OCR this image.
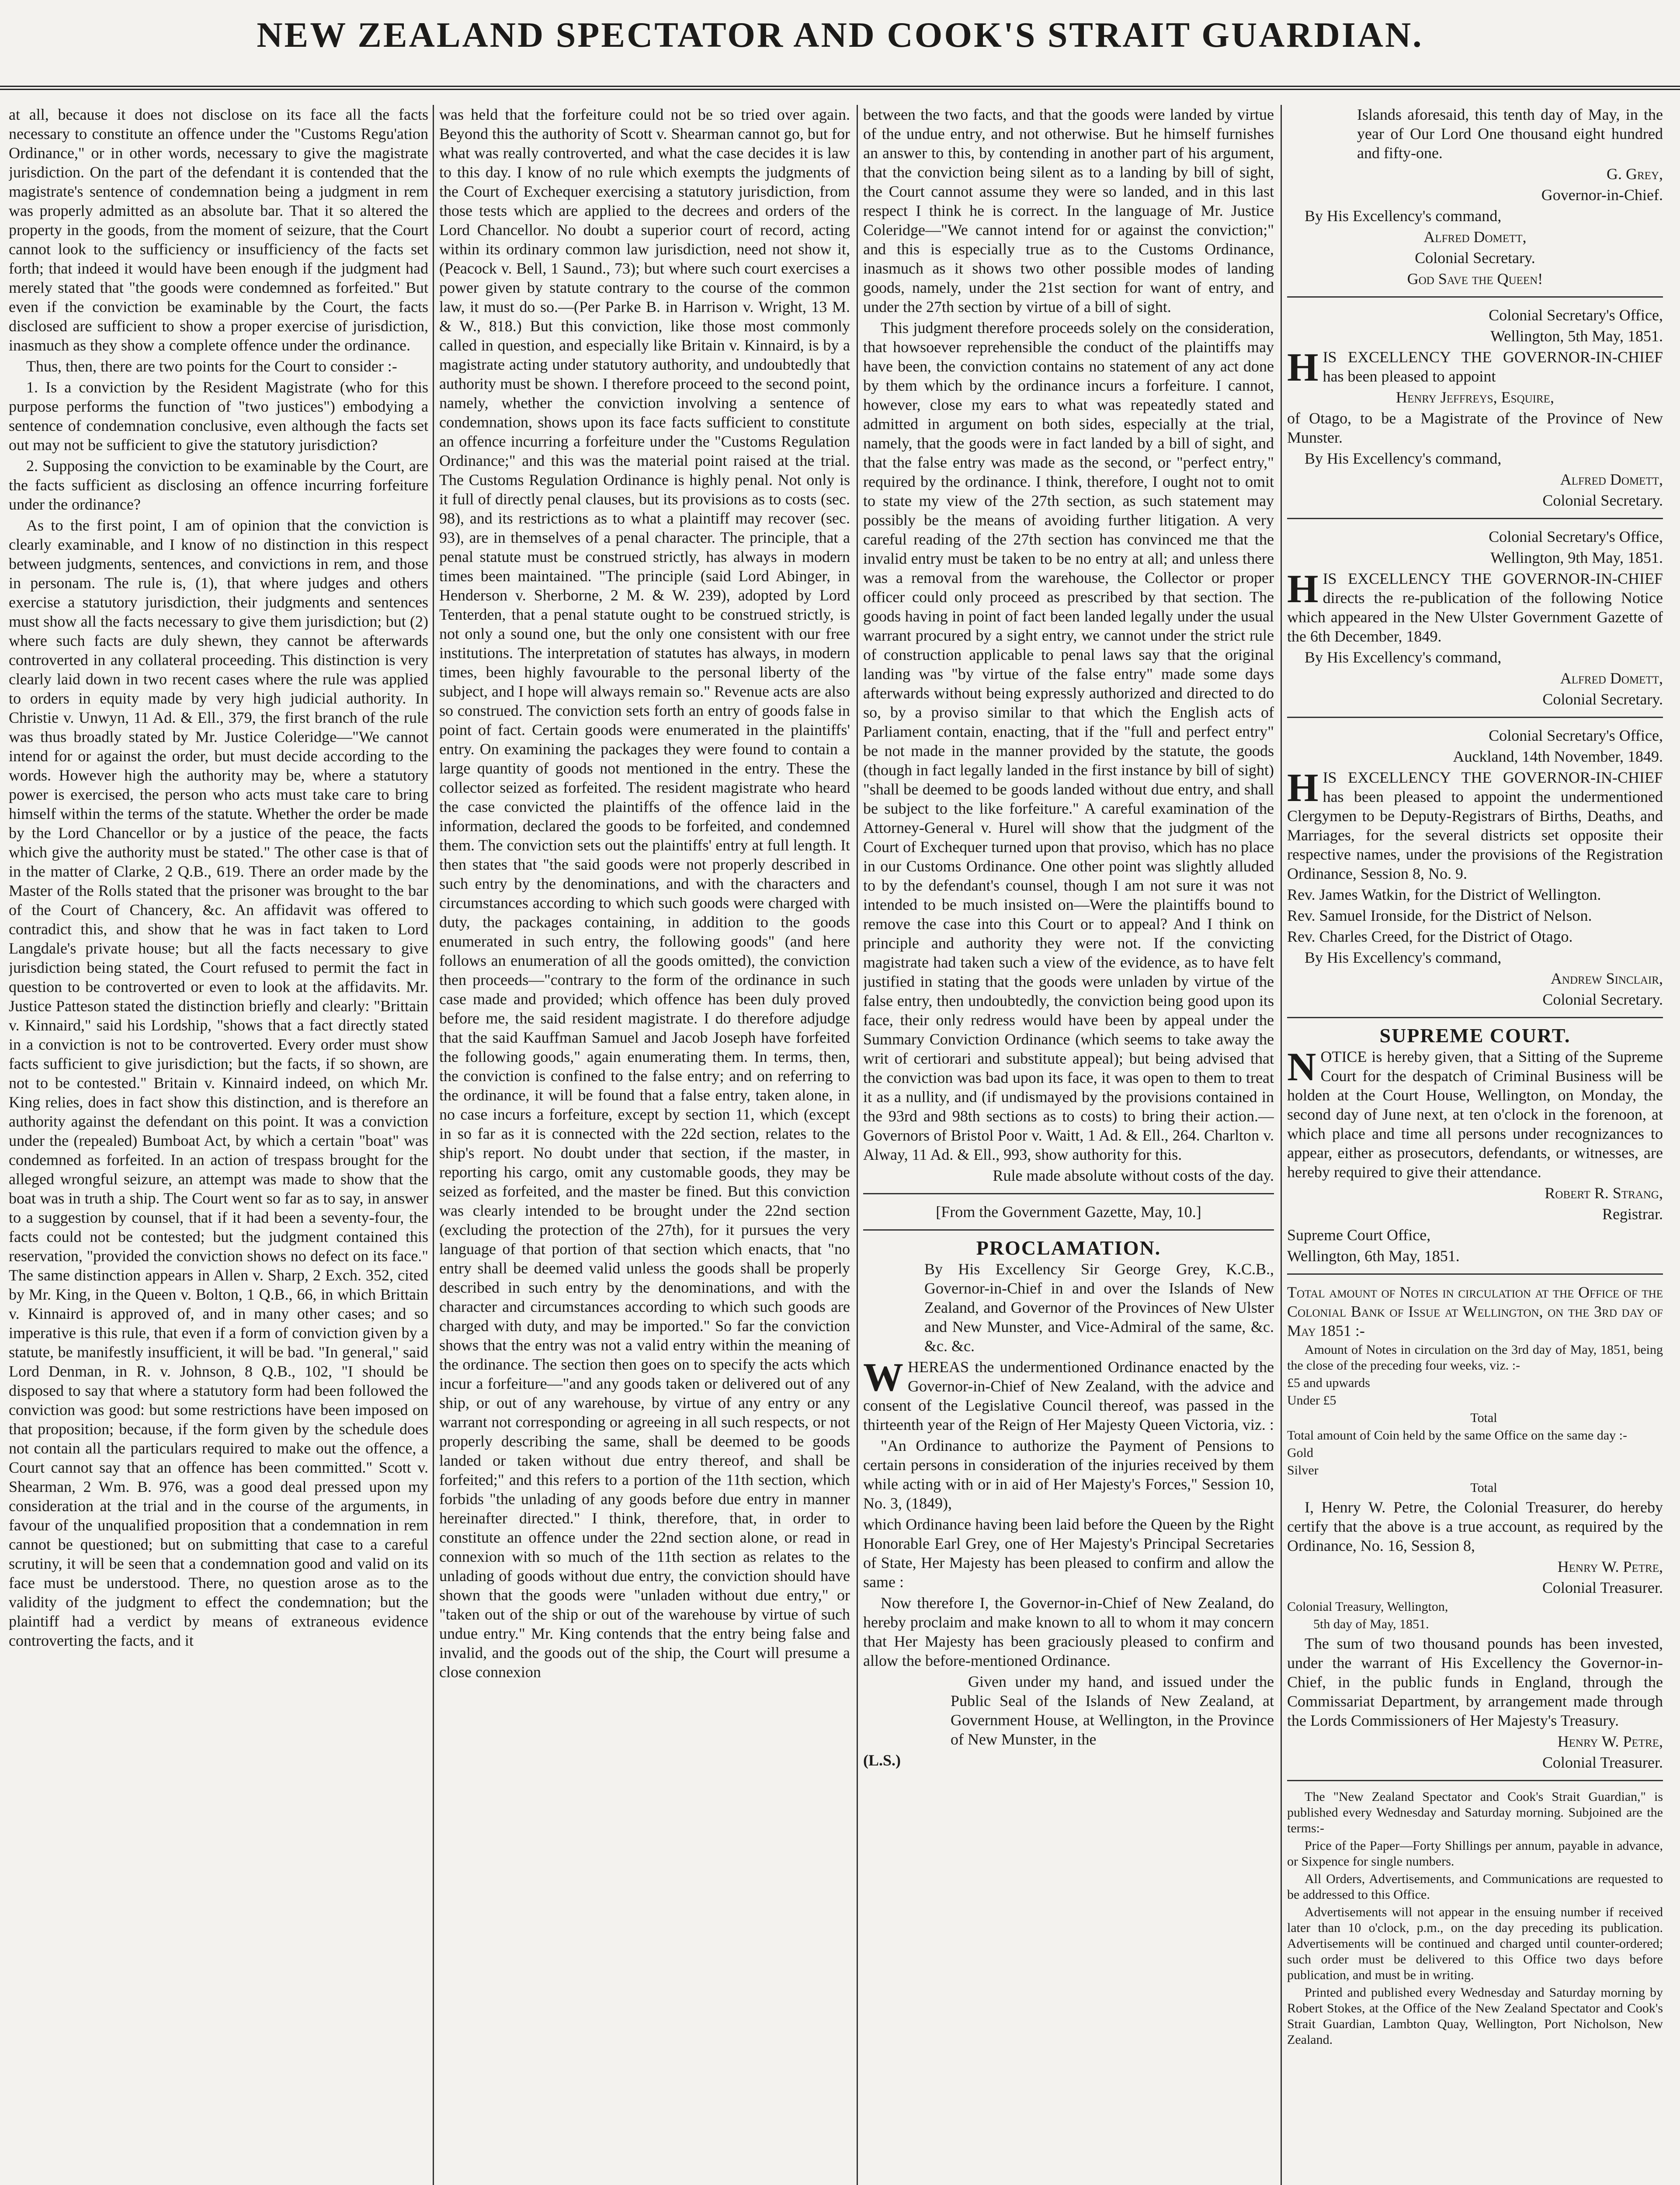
NEW ZEALAND SPECTATOR AND COOK'S STRAIT GUARDIAN.

at all, because it does not disclose on its face all the facts necessary to constitute an offence under the "Customs Regu'ation Ordinance," or in other words, necessary to give the magistrate jurisdiction. On the part of the defendant it is contended that the magistrate's sentence of condemnation being a judgment in rem was properly admitted as an absolute bar. That it so altered the property in the goods, from the moment of seizure, that the Court cannot look to the sufficiency or insufficiency of the facts set forth; that indeed it would have been enough if the judgment had merely stated that "the goods were condemned as forfeited." But even if the conviction be examinable by the Court, the facts disclosed are sufficient to show a proper exercise of jurisdiction, inasmuch as they show a complete offence under the ordinance.

Thus, then, there are two points for the Court to consider :-

1. Is a conviction by the Resident Magistrate (who for this purpose performs the function of "two justices") embodying a sentence of condemnation conclusive, even although the facts set out may not be sufficient to give the statutory jurisdiction?

2. Supposing the conviction to be examinable by the Court, are the facts sufficient as disclosing an offence incurring forfeiture under the ordinance?

As to the first point, I am of opinion that the conviction is clearly examinable, and I know of no distinction in this respect between judgments, sentences, and convictions in rem, and those in personam. The rule is, (1), that where judges and others exercise a statutory jurisdiction, their judgments and sentences must show all the facts necessary to give them jurisdiction; but (2) where such facts are duly shewn, they cannot be afterwards controverted in any collateral proceeding. This distinction is very clearly laid down in two recent cases where the rule was applied to orders in equity made by very high judicial authority. In Christie v. Unwyn, 11 Ad. & Ell., 379, the first branch of the rule was thus broadly stated by Mr. Justice Coleridge—"We cannot intend for or against the order, but must decide according to the words. However high the authority may be, where a statutory power is exercised, the person who acts must take care to bring himself within the terms of the statute. Whether the order be made by the Lord Chancellor or by a justice of the peace, the facts which give the authority must be stated." The other case is that of in the matter of Clarke, 2 Q.B., 619. There an order made by the Master of the Rolls stated that the prisoner was brought to the bar of the Court of Chancery, &c. An affidavit was offered to contradict this, and show that he was in fact taken to Lord Langdale's private house; but all the facts necessary to give jurisdiction being stated, the Court refused to permit the fact in question to be controverted or even to look at the affidavits. Mr. Justice Patteson stated the distinction briefly and clearly: "Brittain v. Kinnaird," said his Lordship, "shows that a fact directly stated in a conviction is not to be controverted. Every order must show facts sufficient to give jurisdiction; but the facts, if so shown, are not to be contested." Britain v. Kinnaird indeed, on which Mr. King relies, does in fact show this distinction, and is therefore an authority against the defendant on this point. It was a conviction under the (repealed) Bumboat Act, by which a certain "boat" was condemned as forfeited. In an action of trespass brought for the alleged wrongful seizure, an attempt was made to show that the boat was in truth a ship. The Court went so far as to say, in answer to a suggestion by counsel, that if it had been a seventy-four, the facts could not be contested; but the judgment contained this reservation, "provided the conviction shows no defect on its face." The same distinction appears in Allen v. Sharp, 2 Exch. 352, cited by Mr. King, in the Queen v. Bolton, 1 Q.B., 66, in which Brittain v. Kinnaird is approved of, and in many other cases; and so imperative is this rule, that even if a form of conviction given by a statute, be manifestly insufficient, it will be bad. "In general," said Lord Denman, in R. v. Johnson, 8 Q.B., 102, "I should be disposed to say that where a statutory form had been followed the conviction was good: but some restrictions have been imposed on that proposition; because, if the form given by the schedule does not contain all the particulars required to make out the offence, a Court cannot say that an offence has been committed." Scott v. Shearman, 2 Wm. B. 976, was a good deal pressed upon my consideration at the trial and in the course of the arguments, in favour of the unqualified proposition that a condemnation in rem cannot be questioned; but on submitting that case to a careful scrutiny, it will be seen that a condemnation good and valid on its face must be understood. There, no question arose as to the validity of the judgment to effect the condemnation; but the plaintiff had a verdict by means of extraneous evidence controverting the facts, and it

was held that the forfeiture could not be so tried over again. Beyond this the authority of Scott v. Shearman cannot go, but for what was really controverted, and what the case decides it is law to this day. I know of no rule which exempts the judgments of the Court of Exchequer exercising a statutory jurisdiction, from those tests which are applied to the decrees and orders of the Lord Chancellor. No doubt a superior court of record, acting within its ordinary common law jurisdiction, need not show it, (Peacock v. Bell, 1 Saund., 73); but where such court exercises a power given by statute contrary to the course of the common law, it must do so.—(Per Parke B. in Harrison v. Wright, 13 M. & W., 818.) But this conviction, like those most commonly called in question, and especially like Britain v. Kinnaird, is by a magistrate acting under statutory authority, and undoubtedly that authority must be shown. I therefore proceed to the second point, namely, whether the conviction involving a sentence of condemnation, shows upon its face facts sufficient to constitute an offence incurring a forfeiture under the "Customs Regulation Ordinance;" and this was the material point raised at the trial. The Customs Regulation Ordinance is highly penal. Not only is it full of directly penal clauses, but its provisions as to costs (sec. 98), and its restrictions as to what a plaintiff may recover (sec. 93), are in themselves of a penal character. The principle, that a penal statute must be construed strictly, has always in modern times been maintained. "The principle (said Lord Abinger, in Henderson v. Sherborne, 2 M. & W. 239), adopted by Lord Tenterden, that a penal statute ought to be construed strictly, is not only a sound one, but the only one consistent with our free institutions. The interpretation of statutes has always, in modern times, been highly favourable to the personal liberty of the subject, and I hope will always remain so." Revenue acts are also so construed. The conviction sets forth an entry of goods false in point of fact. Certain goods were enumerated in the plaintiffs' entry. On examining the packages they were found to contain a large quantity of goods not mentioned in the entry. These the collector seized as forfeited. The resident magistrate who heard the case convicted the plaintiffs of the offence laid in the information, declared the goods to be forfeited, and condemned them. The conviction sets out the plaintiffs' entry at full length. It then states that "the said goods were not properly described in such entry by the denominations, and with the characters and circumstances according to which such goods were charged with duty, the packages containing, in addition to the goods enumerated in such entry, the following goods" (and here follows an enumeration of all the goods omitted), the conviction then proceeds—"contrary to the form of the ordinance in such case made and provided; which offence has been duly proved before me, the said resident magistrate. I do therefore adjudge that the said Kauffman Samuel and Jacob Joseph have forfeited the following goods," again enumerating them. In terms, then, the conviction is confined to the false entry; and on referring to the ordinance, it will be found that a false entry, taken alone, in no case incurs a forfeiture, except by section 11, which (except in so far as it is connected with the 22d section, relates to the ship's report. No doubt under that section, if the master, in reporting his cargo, omit any customable goods, they may be seized as forfeited, and the master be fined. But this conviction was clearly intended to be brought under the 22nd section (excluding the protection of the 27th), for it pursues the very language of that portion of that section which enacts, that "no entry shall be deemed valid unless the goods shall be properly described in such entry by the denominations, and with the character and circumstances according to which such goods are charged with duty, and may be imported." So far the conviction shows that the entry was not a valid entry within the meaning of the ordinance. The section then goes on to specify the acts which incur a forfeiture—"and any goods taken or delivered out of any ship, or out of any warehouse, by virtue of any entry or any warrant not corresponding or agreeing in all such respects, or not properly describing the same, shall be deemed to be goods landed or taken without due entry thereof, and shall be forfeited;" and this refers to a portion of the 11th section, which forbids "the unlading of any goods before due entry in manner hereinafter directed." I think, therefore, that, in order to constitute an offence under the 22nd section alone, or read in connexion with so much of the 11th section as relates to the unlading of goods without due entry, the conviction should have shown that the goods were "unladen without due entry," or "taken out of the ship or out of the warehouse by virtue of such undue entry." Mr. King contends that the entry being false and invalid, and the goods out of the ship, the Court will presume a close connexion

between the two facts, and that the goods were landed by virtue of the undue entry, and not otherwise. But he himself furnishes an answer to this, by contending in another part of his argument, that the conviction being silent as to a landing by bill of sight, the Court cannot assume they were so landed, and in this last respect I think he is correct. In the language of Mr. Justice Coleridge—"We cannot intend for or against the conviction;" and this is especially true as to the Customs Ordinance, inasmuch as it shows two other possible modes of landing goods, namely, under the 21st section for want of entry, and under the 27th section by virtue of a bill of sight.

This judgment therefore proceeds solely on the consideration, that howsoever reprehensible the conduct of the plaintiffs may have been, the conviction contains no statement of any act done by them which by the ordinance incurs a forfeiture. I cannot, however, close my ears to what was repeatedly stated and admitted in argument on both sides, especially at the trial, namely, that the goods were in fact landed by a bill of sight, and that the false entry was made as the second, or "perfect entry," required by the ordinance. I think, therefore, I ought not to omit to state my view of the 27th section, as such statement may possibly be the means of avoiding further litigation. A very careful reading of the 27th section has convinced me that the invalid entry must be taken to be no entry at all; and unless there was a removal from the warehouse, the Collector or proper officer could only proceed as prescribed by that section. The goods having in point of fact been landed legally under the usual warrant procured by a sight entry, we cannot under the strict rule of construction applicable to penal laws say that the original landing was "by virtue of the false entry" made some days afterwards without being expressly authorized and directed to do so, by a proviso similar to that which the English acts of Parliament contain, enacting, that if the "full and perfect entry" be not made in the manner provided by the statute, the goods (though in fact legally landed in the first instance by bill of sight) "shall be deemed to be goods landed without due entry, and shall be subject to the like forfeiture." A careful examination of the Attorney-General v. Hurel will show that the judgment of the Court of Exchequer turned upon that proviso, which has no place in our Customs Ordinance. One other point was slightly alluded to by the defendant's counsel, though I am not sure it was not intended to be much insisted on—Were the plaintiffs bound to remove the case into this Court or to appeal? And I think on principle and authority they were not. If the convicting magistrate had taken such a view of the evidence, as to have felt justified in stating that the goods were unladen by virtue of the false entry, then undoubtedly, the conviction being good upon its face, their only redress would have been by appeal under the Summary Conviction Ordinance (which seems to take away the writ of certiorari and substitute appeal); but being advised that the conviction was bad upon its face, it was open to them to treat it as a nullity, and (if undismayed by the provisions contained in the 93rd and 98th sections as to costs) to bring their action.—Governors of Bristol Poor v. Waitt, 1 Ad. & Ell., 264. Charlton v. Alway, 11 Ad. & Ell., 993, show authority for this.

Rule made absolute without costs of the day.

[From the Government Gazette, May, 10.]

PROCLAMATION.

By His Excellency Sir George Grey, K.C.B., Governor-in-Chief in and over the Islands of New Zealand, and Governor of the Provinces of New Ulster and New Munster, and Vice-Admiral of the same, &c. &c. &c.

WHEREAS the undermentioned Ordinance enacted by the Governor-in-Chief of New Zealand, with the advice and consent of the Legislative Council thereof, was passed in the thirteenth year of the Reign of Her Majesty Queen Victoria, viz. :

"An Ordinance to authorize the Payment of Pensions to certain persons in consideration of the injuries received by them while acting with or in aid of Her Majesty's Forces," Session 10, No. 3, (1849),

which Ordinance having been laid before the Queen by the Right Honorable Earl Grey, one of Her Majesty's Principal Secretaries of State, Her Majesty has been pleased to confirm and allow the same :

Now therefore I, the Governor-in-Chief of New Zealand, do hereby proclaim and make known to all to whom it may concern that Her Majesty has been graciously pleased to confirm and allow the before-mentioned Ordinance.

Given under my hand, and issued under the Public Seal of the Islands of New Zealand, at Government House, at Wellington, in the Province of New Munster, in the

(L.S.)

Islands aforesaid, this tenth day of May, in the year of Our Lord One thousand eight hundred and fifty-one.

G. Grey,

Governor-in-Chief.

By His Excellency's command,

Alfred Domett,

Colonial Secretary.

God Save the Queen!

Colonial Secretary's Office,

Wellington, 5th May, 1851.

HIS EXCELLENCY THE GOVERNOR-IN-CHIEF has been pleased to appoint

Henry Jeffreys, Esquire,

of Otago, to be a Magistrate of the Province of New Munster.

By His Excellency's command,

Alfred Domett,

Colonial Secretary.

Colonial Secretary's Office,

Wellington, 9th May, 1851.

HIS EXCELLENCY THE GOVERNOR-IN-CHIEF directs the re-publication of the following Notice which appeared in the New Ulster Government Gazette of the 6th December, 1849.

By His Excellency's command,

Alfred Domett,

Colonial Secretary.

Colonial Secretary's Office,

Auckland, 14th November, 1849.

HIS EXCELLENCY THE GOVERNOR-IN-CHIEF has been pleased to appoint the undermentioned Clergymen to be Deputy-Registrars of Births, Deaths, and Marriages, for the several districts set opposite their respective names, under the provisions of the Registration Ordinance, Session 8, No. 9.

Rev. James Watkin, for the District of Wellington.

Rev. Samuel Ironside, for the District of Nelson.

Rev. Charles Creed, for the District of Otago.

By His Excellency's command,

Andrew Sinclair,

Colonial Secretary.

SUPREME COURT.

NOTICE is hereby given, that a Sitting of the Supreme Court for the despatch of Criminal Business will be holden at the Court House, Wellington, on Monday, the second day of June next, at ten o'clock in the forenoon, at which place and time all persons under recognizances to appear, either as prosecutors, defendants, or witnesses, are hereby required to give their attendance.

Robert R. Strang,

Registrar.

Supreme Court Office,

Wellington, 6th May, 1851.

Total amount of Notes in circulation at the Office of the Colonial Bank of Issue at Wellington, on the 3rd day of May 1851 :-

Amount of Notes in circulation on the 3rd day of May, 1851, being the close of the preceding four weeks, viz. :-

£5 and upwards

Under £5

Total

Total amount of Coin held by the same Office on the same day :-

Gold

Silver

Total

I, Henry W. Petre, the Colonial Treasurer, do hereby certify that the above is a true account, as required by the Ordinance, No. 16, Session 8,

Henry W. Petre,

Colonial Treasurer.

Colonial Treasury, Wellington,

5th day of May, 1851.

The sum of two thousand pounds has been invested, under the warrant of His Excellency the Governor-in-Chief, in the public funds in England, through the Commissariat Department, by arrangement made through the Lords Commissioners of Her Majesty's Treasury.

Henry W. Petre,

Colonial Treasurer.

The "New Zealand Spectator and Cook's Strait Guardian," is published every Wednesday and Saturday morning. Subjoined are the terms:-

Price of the Paper—Forty Shillings per annum, payable in advance, or Sixpence for single numbers.

All Orders, Advertisements, and Communications are requested to be addressed to this Office.

Advertisements will not appear in the ensuing number if received later than 10 o'clock, p.m., on the day preceding its publication. Advertisements will be continued and charged until counter-ordered; such order must be delivered to this Office two days before publication, and must be in writing.

Printed and published every Wednesday and Saturday morning by Robert Stokes, at the Office of the New Zealand Spectator and Cook's Strait Guardian, Lambton Quay, Wellington, Port Nicholson, New Zealand.
